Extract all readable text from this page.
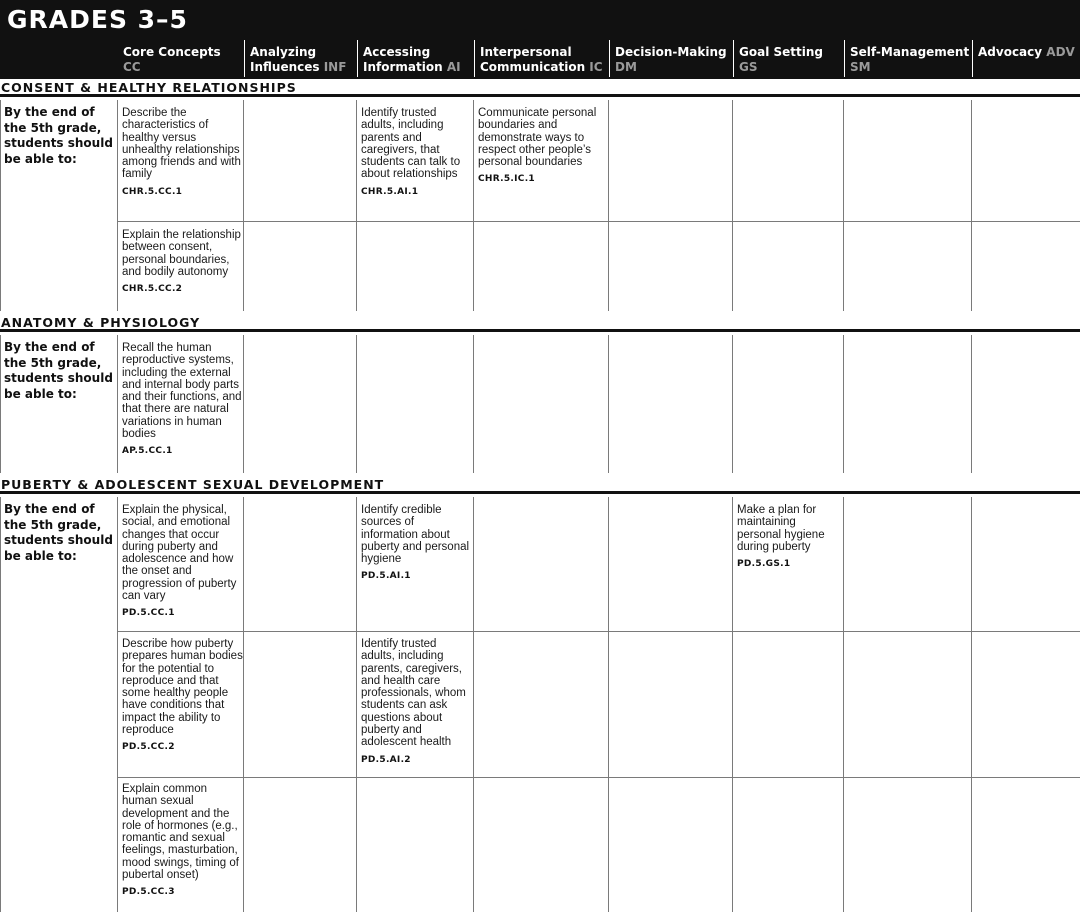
GRADES 3–5
Core Concepts
CC
Analyzing
Influences INF
Accessing
Information AI
Interpersonal
Communication IC
Decision-Making
DM
Goal Setting
GS
Self-Management
SM
Advocacy ADV
CONSENT & HEALTHY RELATIONSHIPS
ANATOMY & PHYSIOLOGY
PUBERTY & ADOLESCENT SEXUAL DEVELOPMENT
By the end of the 5th grade, students should be able to:
By the end of the 5th grade, students should be able to:
By the end of the 5th grade, students should be able to:
Describe the characteristics of healthy versus unhealthy relationships among friends and with family
CHR.5.CC.1
Identify trusted adults, including parents and caregivers, that students can talk to about relationships
CHR.5.AI.1
Communicate personal boundaries and demonstrate ways to respect other people’s personal boundaries
CHR.5.IC.1
Explain the relationship between consent, personal boundaries, and bodily autonomy
CHR.5.CC.2
Recall the human reproductive systems, including the external and internal body parts and their functions, and that there are natural variations in human bodies
AP.5.CC.1
Explain the physical, social, and emotional changes that occur during puberty and adolescence and how the onset and progression of puberty can vary
PD.5.CC.1
Identify credible sources of information about puberty and personal hygiene
PD.5.AI.1
Make a plan for maintaining personal hygiene during puberty
PD.5.GS.1
Describe how puberty prepares human bodies for the potential to reproduce and that some healthy people have conditions that impact the ability to reproduce
PD.5.CC.2
Identify trusted adults, including parents, caregivers, and health care professionals, whom students can ask questions about puberty and adolescent health
PD.5.AI.2
Explain common human sexual development and the role of hormones (e.g., romantic and sexual feelings, masturbation, mood swings, timing of pubertal onset)
PD.5.CC.3
